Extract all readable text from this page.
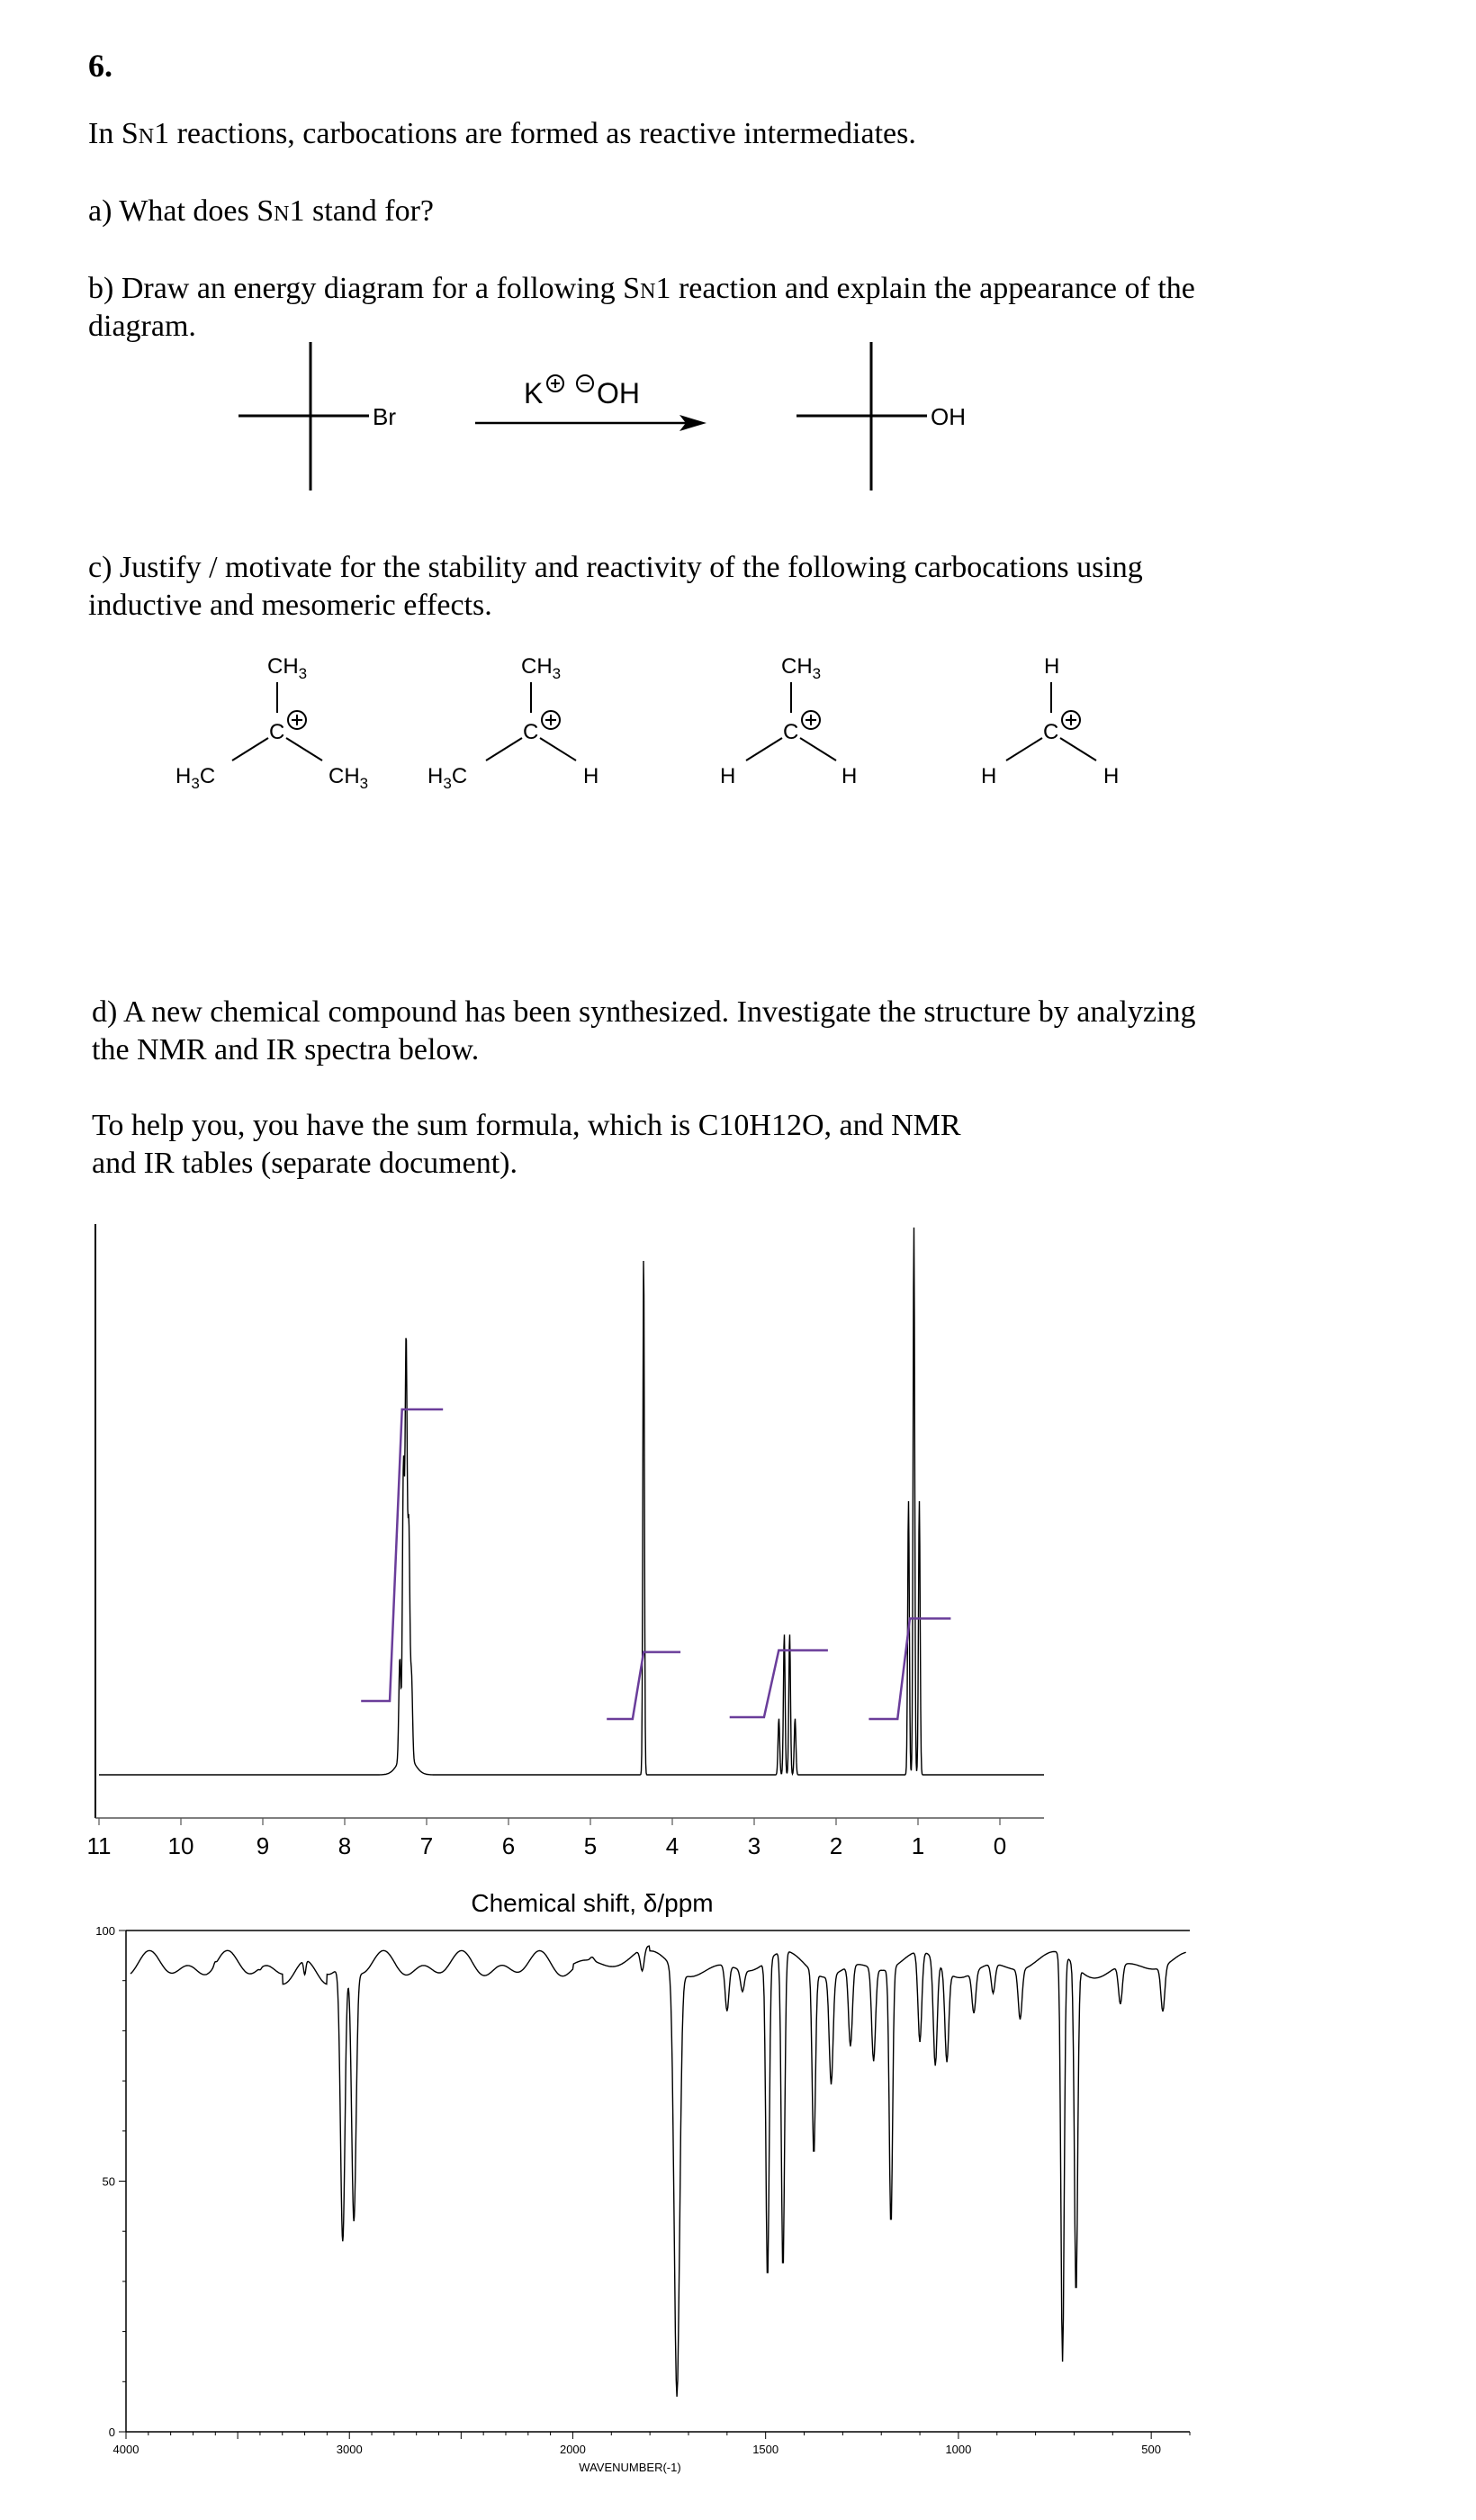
6.
In SN1 reactions, carbocations are formed as reactive intermediates.
a) What does SN1 stand for?
b) Draw an energy diagram for a following SN1 reaction and explain the appearance of the
diagram.
Br
K OH
OH
c) Justify / motivate for the stability and reactivity of the following carbocations using
inductive and mesomeric effects.
$CH_3$
C
$H_3C$	$CH_3$
$CH_3$
C
$H_3C$	H
$CH_3$
C
H	H
H
C
H	H
d) A new chemical compound has been synthesized. Investigate the structure by analyzing
the NMR and IR spectra below.
To help you, you have the sum formula, which is C10H12O, and NMR
and IR tables (separate document).
11 10	9	8	7	6	5	4	3	2	1	0
Chemical shift, δ/ppm
4000	3000	2000	1500	1000	500
100
50
0
WAVENUMBER(-1)
